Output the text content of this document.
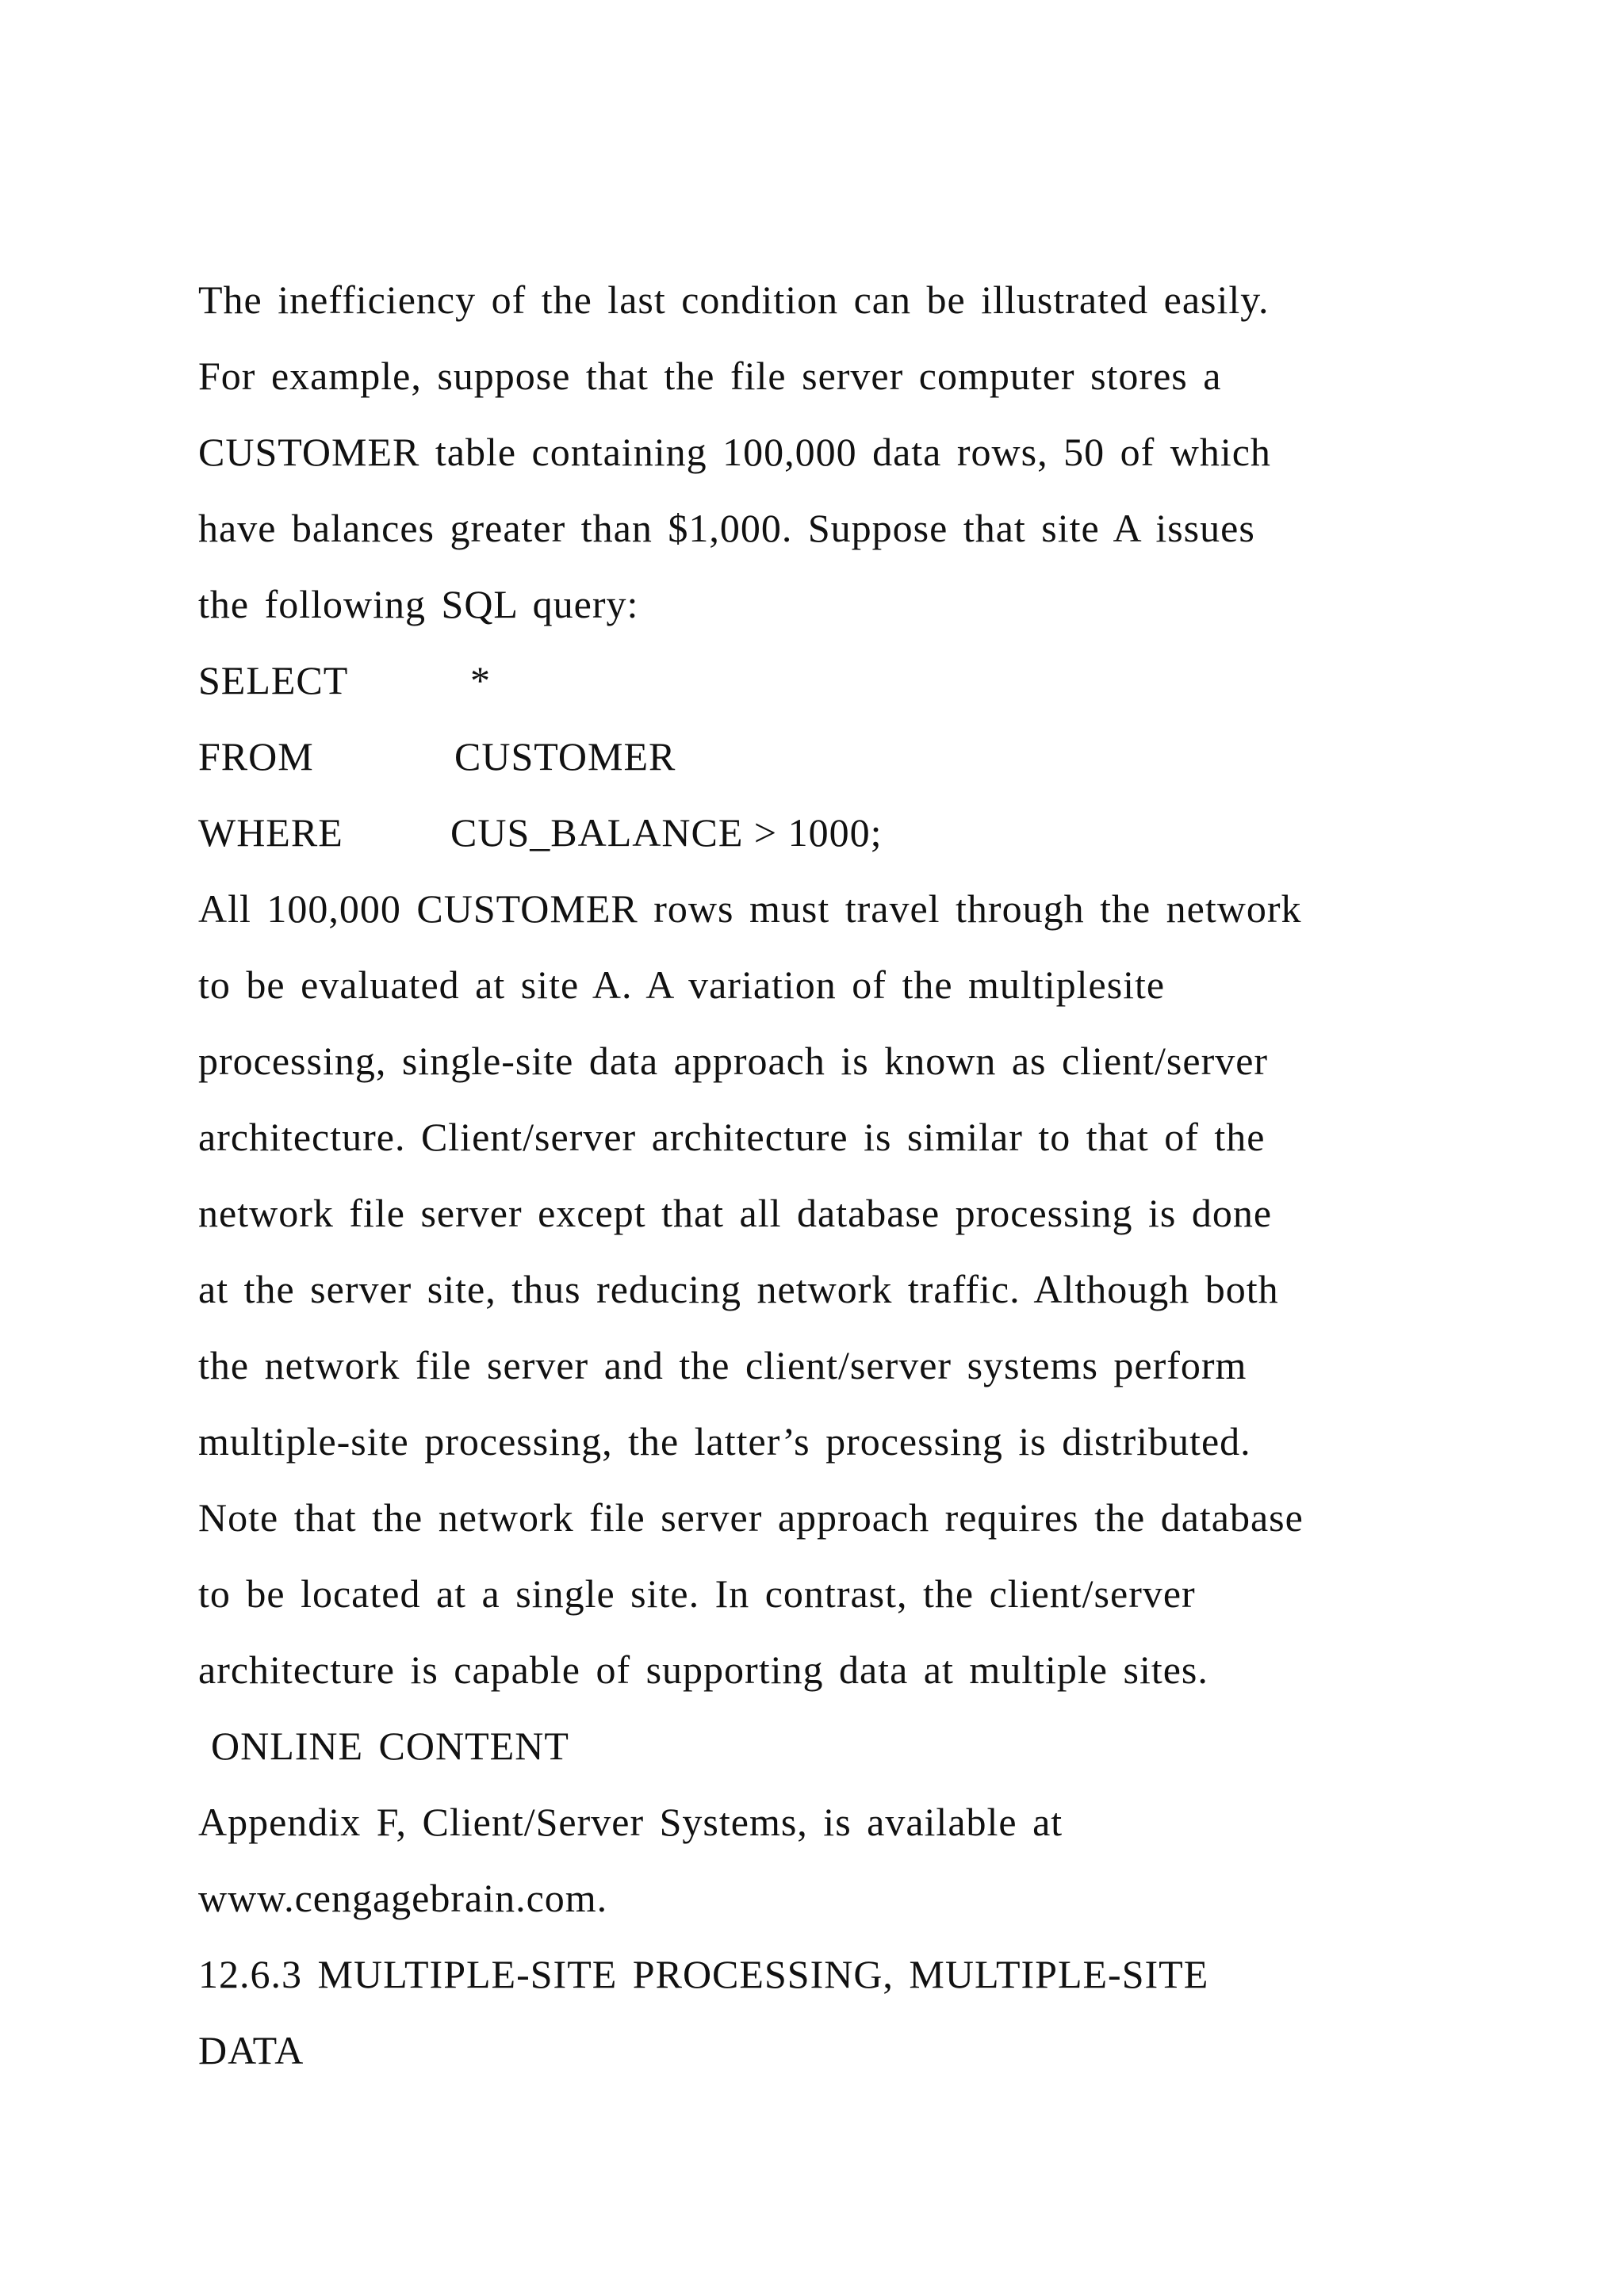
The inefficiency of the last condition can be illustrated easily.
For example, suppose that the file server computer stores a
CUSTOMER table containing 100,000 data rows, 50 of which
have balances greater than $1,000. Suppose that site A issues
the following SQL query:

SELECT

	*

FROM

	CUSTOMER

WHERE

	CUS_BALANCE > 1000;

All 100,000 CUSTOMER rows must travel through the network
to be evaluated at site A. A variation of the multiplesite
processing, single-site data approach is known as client/server
architecture. Client/server architecture is similar to that of the
network file server except that all database processing is done
at the server site, thus reducing network traffic. Although both
the network file server and the client/server systems perform
multiple-site processing, the latter’s processing is distributed.
Note that the network file server approach requires the database
to be located at a single site. In contrast, the client/server
architecture is capable of supporting data at multiple sites.
ONLINE CONTENT
Appendix F, Client/Server Systems, is available at
www.cengagebrain.com.
12.6.3 MULTIPLE-SITE PROCESSING, MULTIPLE-SITE
DATA
